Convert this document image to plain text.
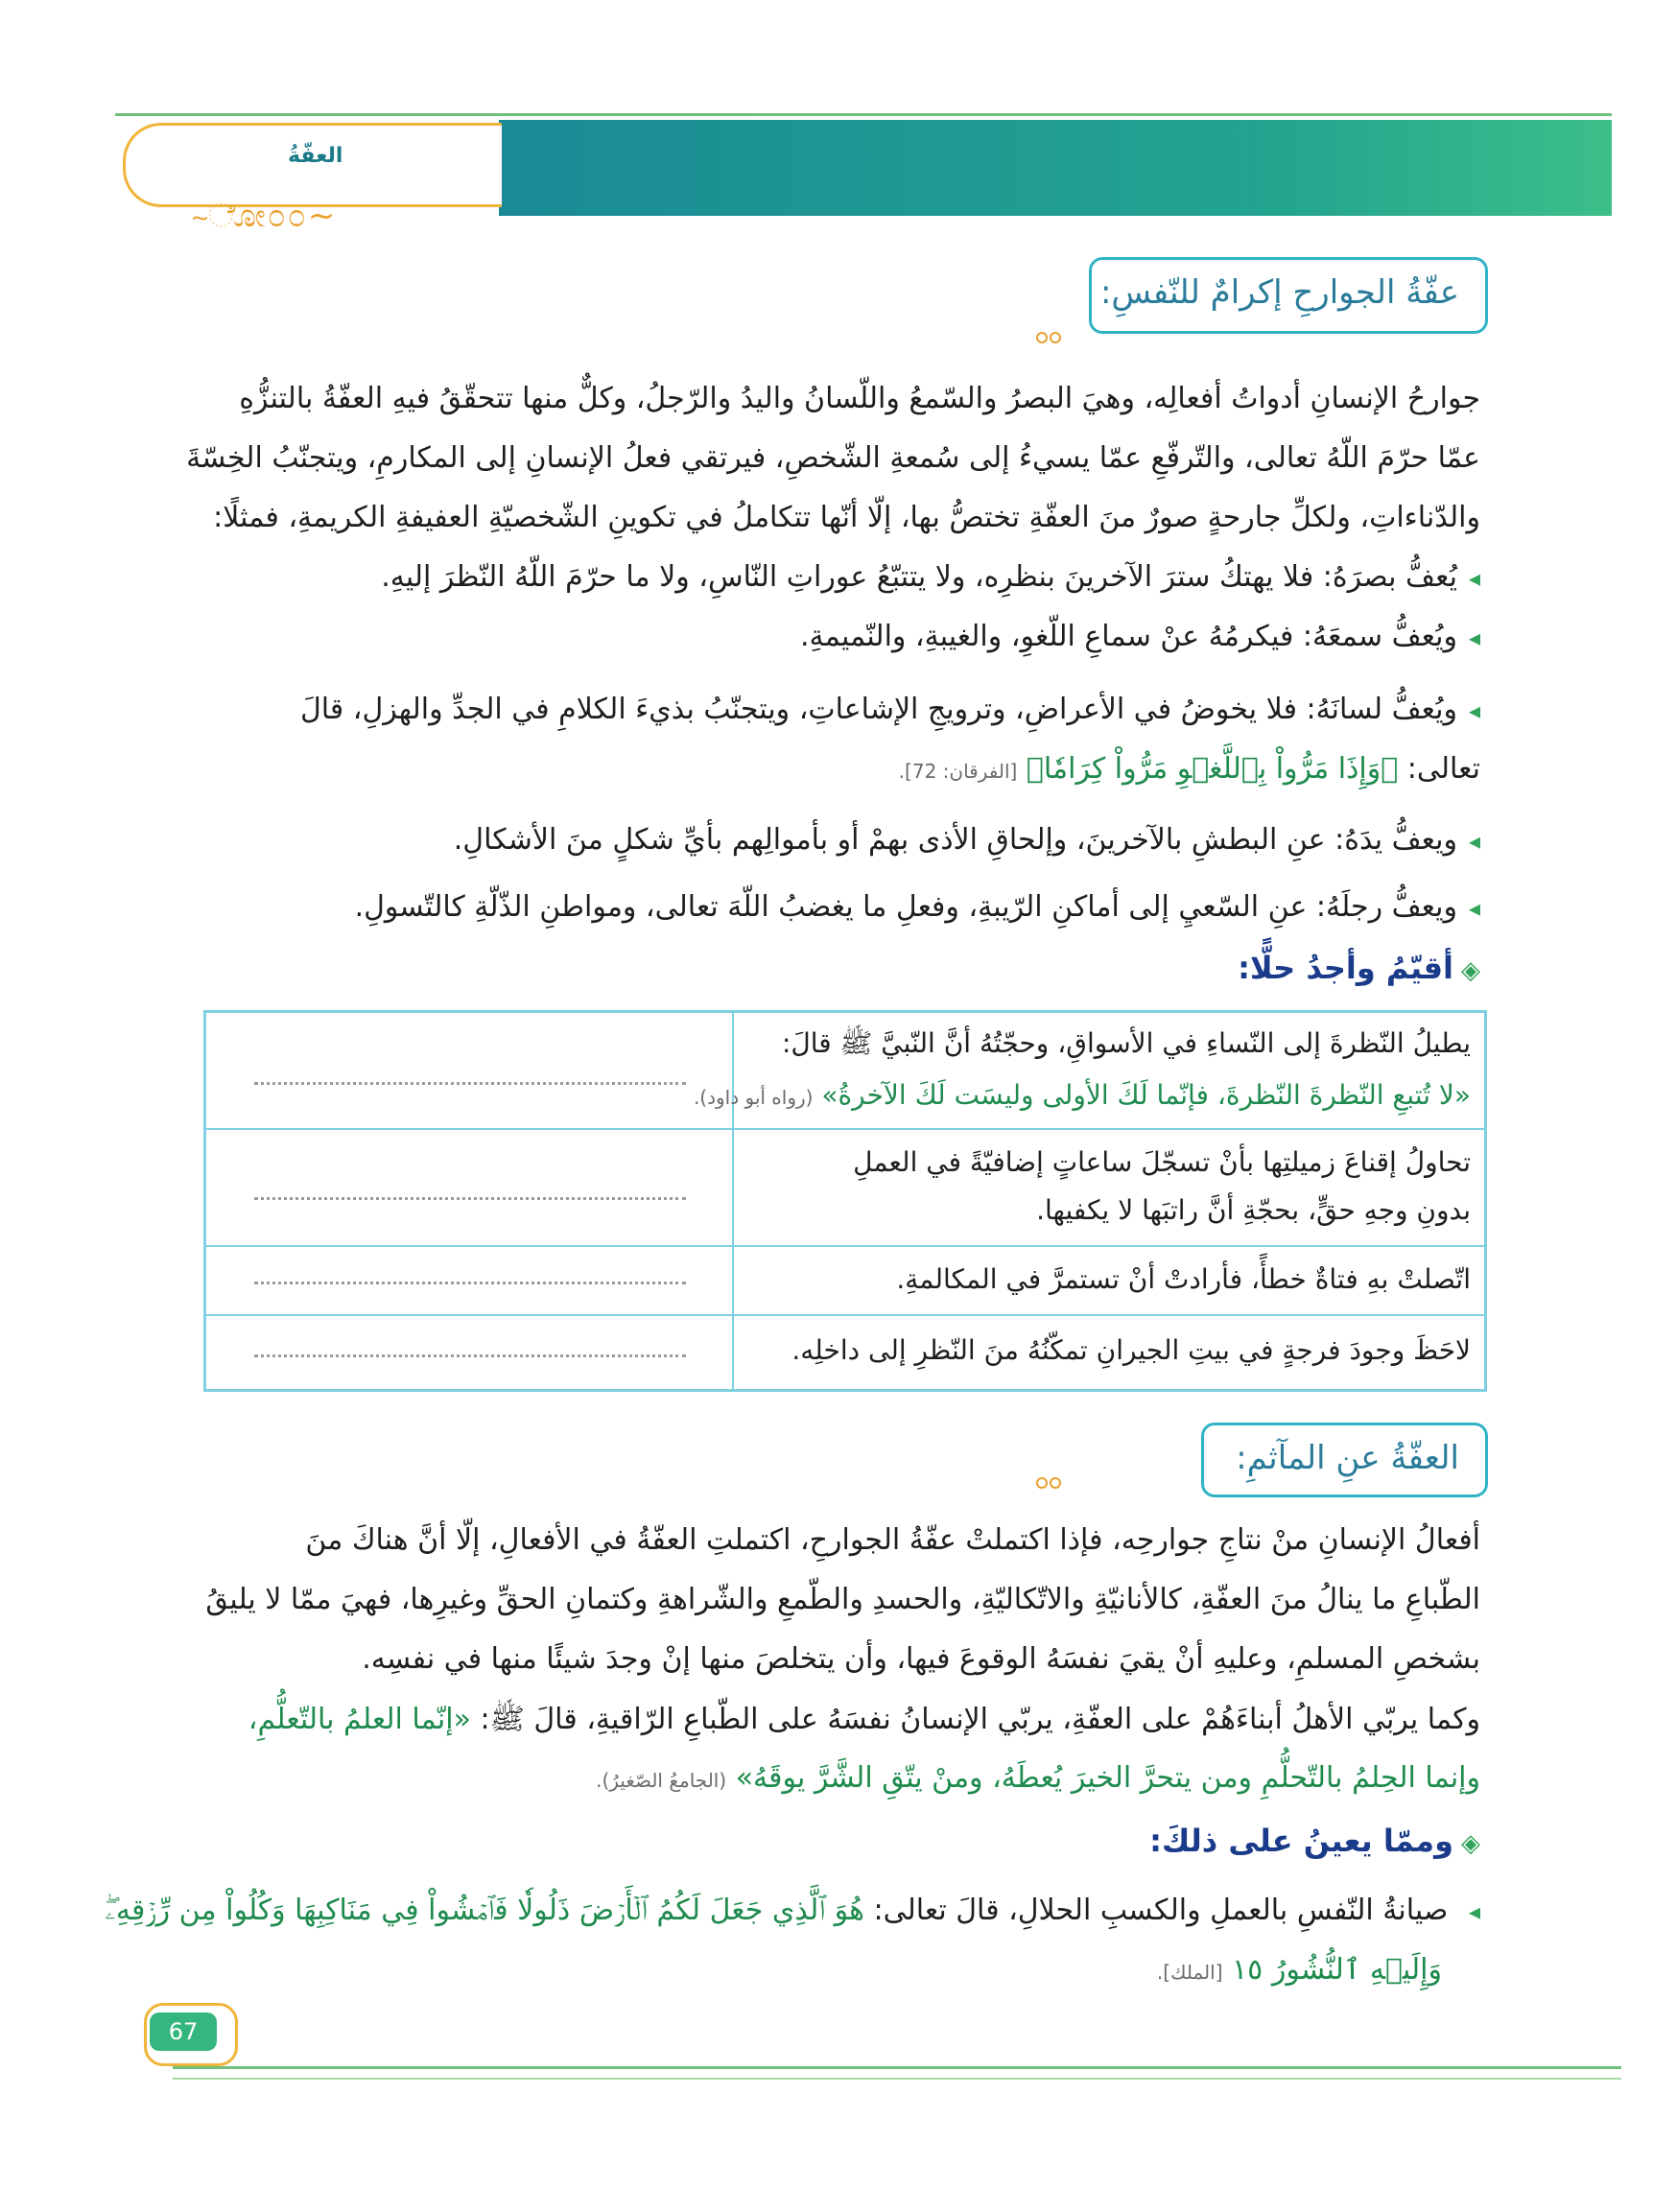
العفّةُ
~ೋ೦೦~
عفّةُ الجوارحِ إكرامٌ للنّفسِ:
جوارحُ الإنسانِ أدواتُ أفعالِه، وهيَ البصرُ والسّمعُ واللّسانُ واليدُ والرّجلُ، وكلٌّ منها تتحقّقُ فيهِ العفّةُ بالتنزُّهِ
عمّا حرّمَ اللّهُ تعالى، والتّرفّعِ عمّا يسيءُ إلى سُمعةِ الشّخصِ، فيرتقي فعلُ الإنسانِ إلى المكارمِ، ويتجنّبُ الخِسّةَ
والدّناءاتِ، ولكلِّ جارحةٍ صورٌ منَ العفّةِ تختصُّ بها، إلّا أنّها تتكاملُ في تكوينِ الشّخصيّةِ العفيفةِ الكريمةِ، فمثلًا:
◂يُعفُّ بصرَهُ: فلا يهتكُ سترَ الآخرينَ بنظرِه، ولا يتتبّعُ عوراتِ النّاسِ، ولا ما حرّمَ اللّهُ النّظرَ إليهِ.
◂ويُعفُّ سمعَهُ: فيكرمُهُ عنْ سماعِ اللّغوِ، والغيبةِ، والنّميمةِ.
◂ويُعفُّ لسانَهُ: فلا يخوضُ في الأعراضِ، وترويجِ الإشاعاتِ، ويتجنّبُ بذيءَ الكلامِ في الجدِّ والهزلِ، قالَ
تعالى: ﴿وَإِذَا مَرُّواْ بِٱللَّغۡوِ مَرُّواْ كِرَامٗا﴾ [الفرقان: 72].
◂ويعفُّ يدَهُ: عنِ البطشِ بالآخرينَ، وإلحاقِ الأذى بهمْ أو بأموالِهم بأيِّ شكلٍ منَ الأشكالِ.
◂ويعفُّ رجلَهُ: عنِ السّعيِ إلى أماكنِ الرّيبةِ، وفعلِ ما يغضبُ اللّهَ تعالى، ومواطنِ الذّلّةِ كالتّسولِ.
◈أقيّمُ وأجدُ حلًّا:
يطيلُ النّظرةَ إلى النّساءِ في الأسواقِ، وحجّتُهُ أنَّ النّبيَّ ﷺ قالَ:
«لا تُتبعِ النّظرةَ النّظرةَ، فإنّما لَكَ الأولى وليسَت لَكَ الآخرةُ» (رواه أبو داود).
تحاولُ إقناعَ زميلتِها بأنْ تسجّلَ ساعاتٍ إضافيّةً في العملِ
بدونِ وجهِ حقٍّ، بحجّةِ أنَّ راتبَها لا يكفيها.
اتّصلتْ بهِ فتاةٌ خطأً، فأرادتْ أنْ تستمرَّ في المكالمةِ.
لاحَظَ وجودَ فرجةٍ في بيتِ الجيرانِ تمكّنُهُ منَ النّظرِ إلى داخلِه.
العفّةُ عنِ المآثمِ:
أفعالُ الإنسانِ منْ نتاجِ جوارحِه، فإذا اكتملتْ عفّةُ الجوارحِ، اكتملتِ العفّةُ في الأفعالِ، إلّا أنَّ هناكَ منَ
الطّباعِ ما ينالُ منَ العفّةِ، كالأنانيّةِ والاتّكاليّةِ، والحسدِ والطّمعِ والشّراهةِ وكتمانِ الحقِّ وغيرِها، فهيَ ممّا لا يليقُ
بشخصِ المسلمِ، وعليهِ أنْ يقيَ نفسَهُ الوقوعَ فيها، وأن يتخلصَ منها إنْ وجدَ شيئًا منها في نفسِه.
وكما يربّي الأهلُ أبناءَهُمْ على العفّةِ، يربّي الإنسانُ نفسَهُ على الطّباعِ الرّاقيةِ، قالَ ﷺ: «إنّما العلمُ بالتّعلُّمِ،
وإنما الحِلمُ بالتّحلُّمِ ومن يتحرَّ الخيرَ يُعطَهُ، ومنْ يتّقِ الشَّرَّ يوقَهُ» (الجامعُ الصّغيرُ).
◈وممّا يعينُ على ذلكَ:
◂ صيانةُ النّفسِ بالعملِ والكسبِ الحلالِ، قالَ تعالى: هُوَ ٱلَّذِي جَعَلَ لَكُمُ ٱلۡأَرۡضَ ذَلُولٗا فَٱمۡشُواْ فِي مَنَاكِبِهَا وَكُلُواْ مِن رِّزۡقِهِۦۖ
وَإِلَيۡهِ ٱلنُّشُورُ ١٥ [الملك].
67
